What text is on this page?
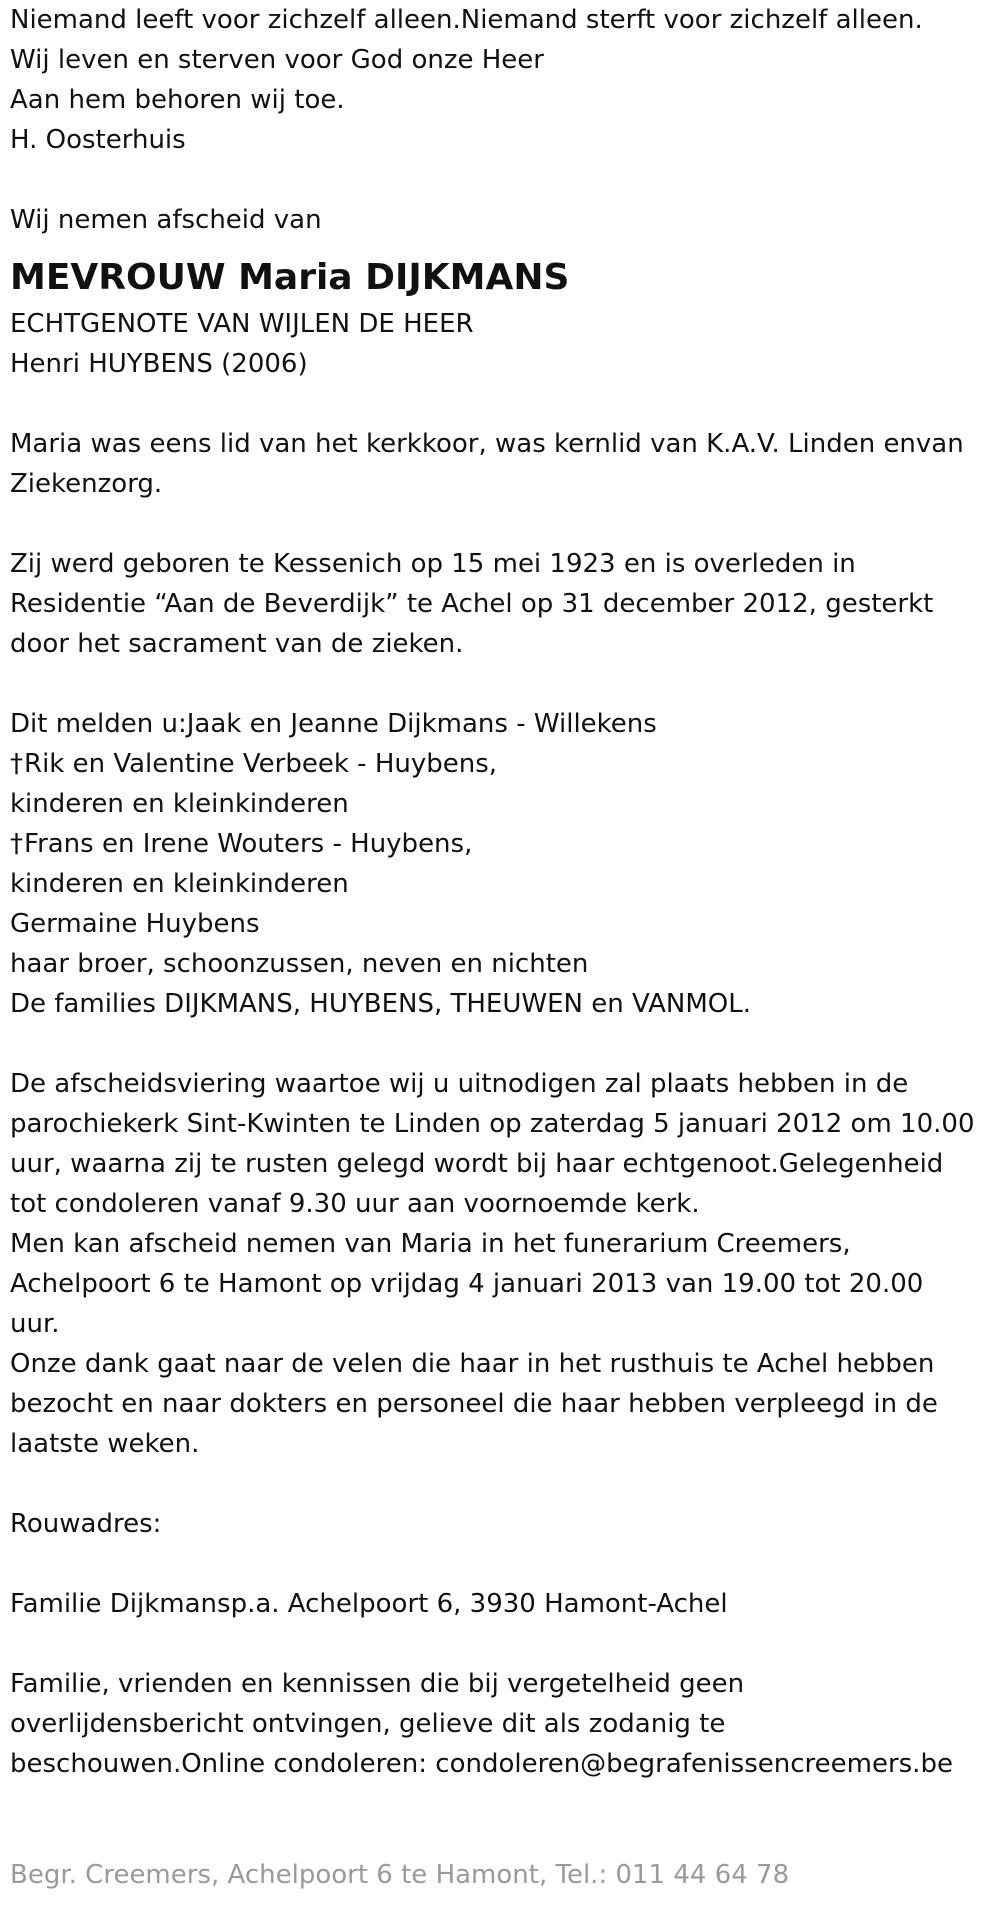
Niemand leeft voor zichzelf alleen.Niemand sterft voor zichzelf alleen.
Wij leven en sterven voor God onze Heer
Aan hem behoren wij toe.
H. Oosterhuis
Wij nemen afscheid van
MEVROUW Maria DIJKMANS
ECHTGENOTE VAN WIJLEN DE HEER
Henri HUYBENS (2006)
Maria was eens lid van het kerkkoor, was kernlid van K.A.V. Linden envan
Ziekenzorg.
Zij werd geboren te Kessenich op 15 mei 1923 en is overleden in
Residentie “Aan de Beverdijk” te Achel op 31 december 2012, gesterkt
door het sacrament van de zieken.
Dit melden u:Jaak en Jeanne Dijkmans - Willekens
†Rik en Valentine Verbeek - Huybens,
kinderen en kleinkinderen
†Frans en Irene Wouters - Huybens,
kinderen en kleinkinderen
Germaine Huybens
haar broer, schoonzussen, neven en nichten
De families DIJKMANS, HUYBENS, THEUWEN en VANMOL.
De afscheidsviering waartoe wij u uitnodigen zal plaats hebben in de
parochiekerk Sint-Kwinten te Linden op zaterdag 5 januari 2012 om 10.00
uur, waarna zij te rusten gelegd wordt bij haar echtgenoot.Gelegenheid
tot condoleren vanaf 9.30 uur aan voornoemde kerk.
Men kan afscheid nemen van Maria in het funerarium Creemers,
Achelpoort 6 te Hamont op vrijdag 4 januari 2013 van 19.00 tot 20.00
uur.
Onze dank gaat naar de velen die haar in het rusthuis te Achel hebben
bezocht en naar dokters en personeel die haar hebben verpleegd in de
laatste weken.
Rouwadres:
Familie Dijkmansp.a. Achelpoort 6, 3930 Hamont-Achel
Familie, vrienden en kennissen die bij vergetelheid geen
overlijdensbericht ontvingen, gelieve dit als zodanig te
beschouwen.Online condoleren: condoleren@begrafenissencreemers.be
Begr. Creemers, Achelpoort 6 te Hamont, Tel.: 011 44 64 78
